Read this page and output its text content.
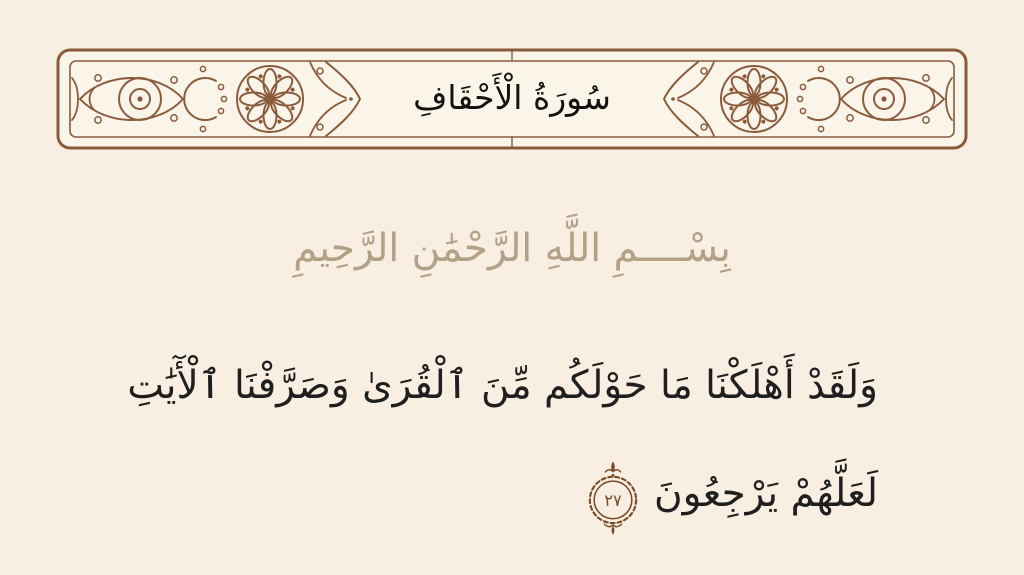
سُورَةُ الْأَحْقَافِ
بِسْــــمِ اللَّهِ الرَّحْمَٰنِ الرَّحِيمِ
وَلَقَدْ أَهْلَكْنَا مَا حَوْلَكُم مِّنَ ٱلْقُرَىٰ وَصَرَّفْنَا ٱلْأٓيَٰتِ
لَعَلَّهُمْ يَرْجِعُونَ
٢٧
